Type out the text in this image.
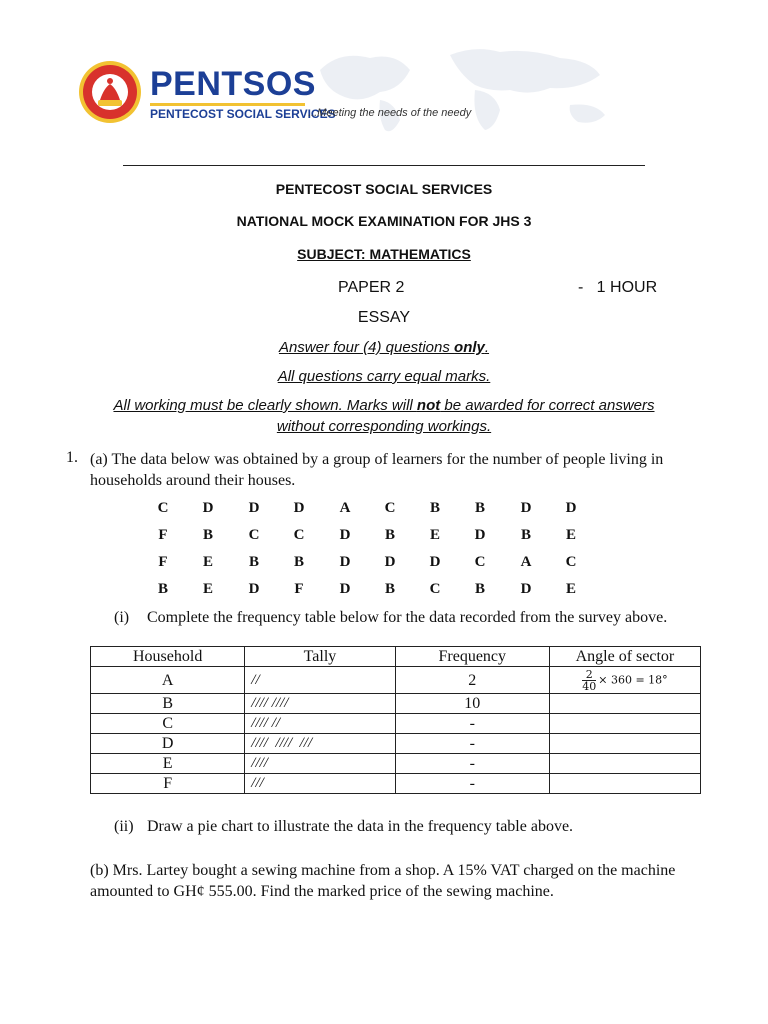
PENTSOS
PENTECOST SOCIAL SERVICES
...Meeting the needs of the needy
PENTECOST SOCIAL SERVICES
NATIONAL MOCK EXAMINATION FOR JHS 3
SUBJECT: MATHEMATICS
PAPER 2	-   1 HOUR
ESSAY
Answer four (4) questions only.
All questions carry equal marks.
All working must be clearly shown. Marks will not be awarded for correct answers
without corresponding workings.
1. (a) The data below was obtained by a group of learners for the number of people living in
households around their houses.
C	D	D	D	A	C	B	B	D	D
F	B	C	C	D	B	E	D	B	E
F	E	B	B	D	D	D	C	A	C
B	E	D	F	D	B	C	B	D	E
(i) Complete the frequency table below for the data recorded from the survey above.
Household	Tally	Frequency	Angle of sector
A	//	2	$\frac{2}{40} \times 360 = 18^\circ$
B	//// ////	10	
C	//// //	-	
D	////  ////  ///	-	
E	////	-	
F	///	-	
(ii) Draw a pie chart to illustrate the data in the frequency table above.
(b) Mrs. Lartey bought a sewing machine from a shop. A 15% VAT charged on the machine
amounted to GH¢ 555.00. Find the marked price of the sewing machine.
